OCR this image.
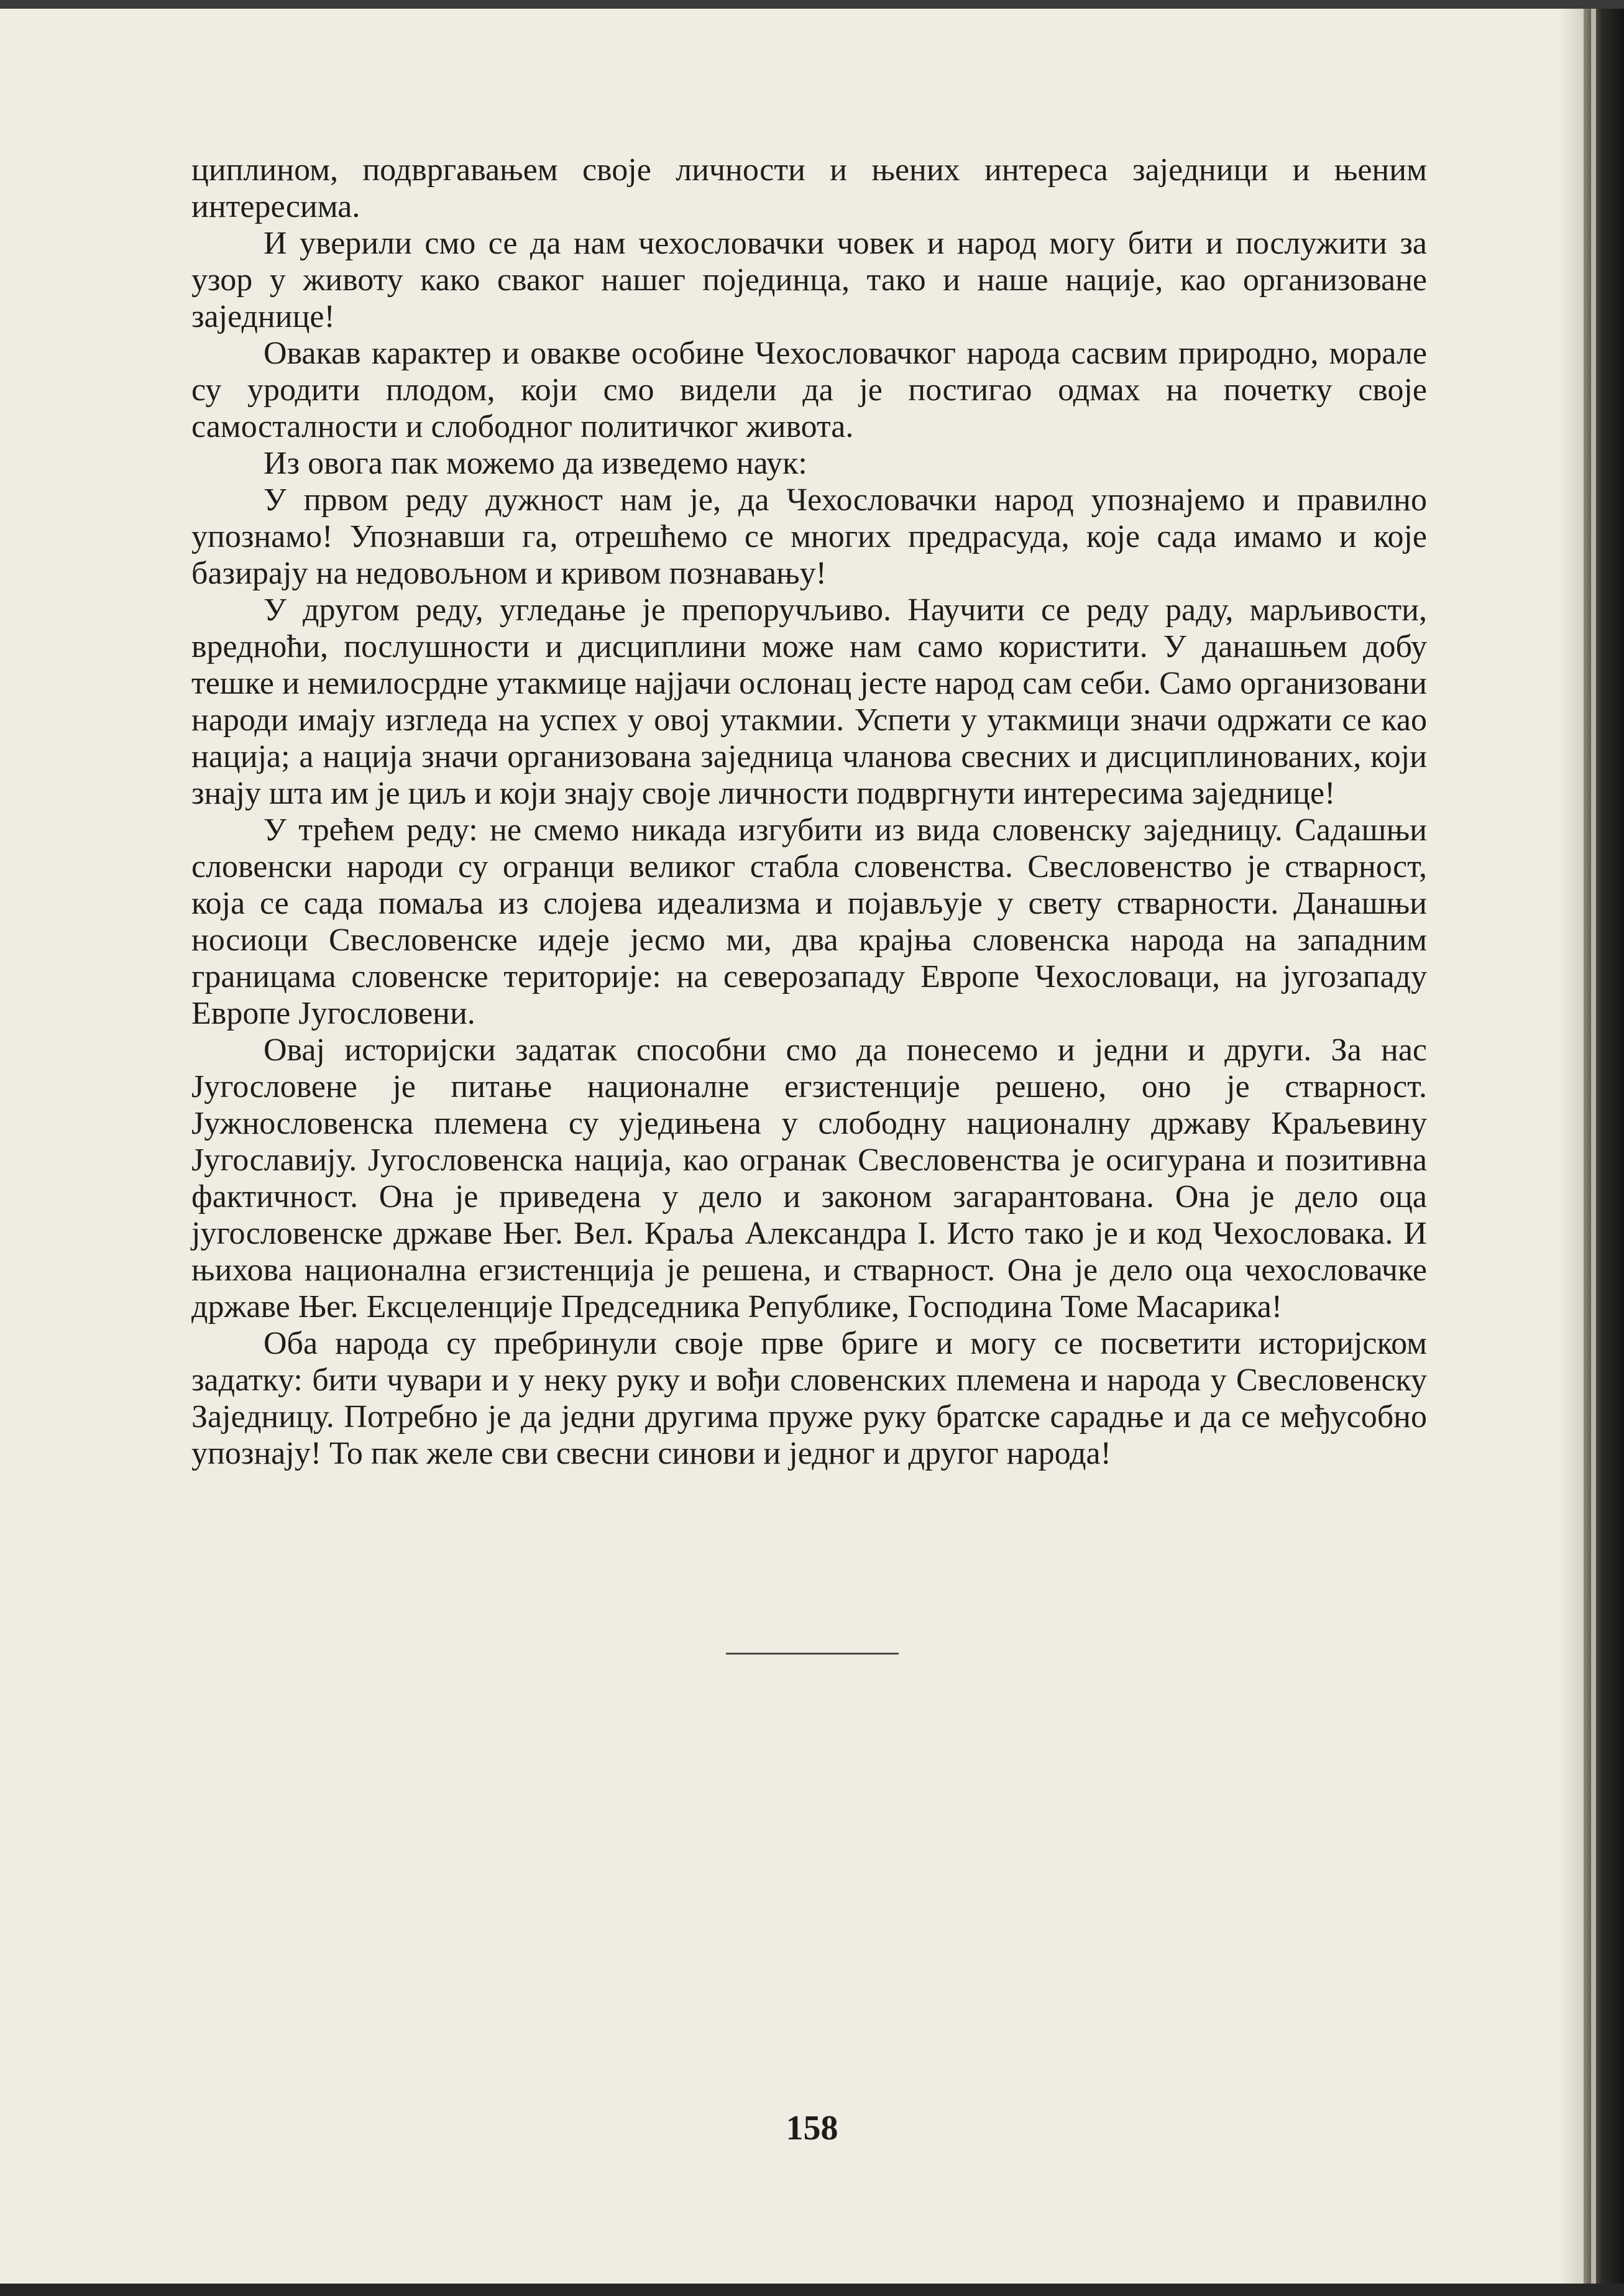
циплином, подвргавањем своје личности и њених интереса заједници и њеним интересима.

И уверили смо се да нам чехословачки човек и народ могу бити и послужити за узор у животу како сваког нашег појединца, тако и наше нације, као организоване заједнице!

Овакав карактер и овакве особине Чехословачког народа сасвим природно, морале су уродити плодом, који смо видели да је постигао одмах на почетку своје самосталности и слободног политичког живота.

Из овога пак можемо да изведемо наук:

У првом реду дужност нам је, да Чехословачки народ упознајемо и правилно упознамо! Упознавши га, отрешћемо се многих предрасуда, које сада имамо и које базирају на недовољном и кривом познавању!

У другом реду, угледање је препоручљиво. Научити се реду раду, марљивости, вредноћи, послушности и дисциплини може нам само користити. У данашњем добу тешке и немилосрдне утакмице најјачи ослонац јесте народ сам себи. Само организовани народи имају изгледа на успех у овој утакмии. Успети у утакмици значи одржати се као нација; а нација значи организована заједница чланова свесних и дисциплинованих, који знају шта им је циљ и који знају своје личности подвргнути интересима заједнице!

У трећем реду: не смемо никада изгубити из вида словенску заједницу. Садашњи словенски народи су огранци великог стабла словенства. Свесловенство је стварност, која се сада помаља из слојева идеализма и појављује у свету стварности. Данашњи носиоци Свесловенске идеје јесмо ми, два крајња словенска народа на западним границама словенске територије: на северозападу Европе Чехословаци, на југозападу Европе Југословени.

Овај историјски задатак способни смо да понесемо и једни и други. За нас Југословене је питање националне егзистенције решено, оно је стварност. Јужнословенска племена су уједињена у слободну националну државу Краљевину Југославију. Југословенска нација, као огранак Свесловенства је осигурана и позитивна фактичност. Она је приведена у дело и законом загарантована. Она је дело оца југословенске државе Њег. Вел. Краља Александра I. Исто тако је и код Чехословака. И њихова национална егзистенција је решена, и стварност. Она је дело оца чехословачке државе Њег. Ексцеленције Председника Републике, Господина Томе Масарика!

Оба народа су пребринули своје прве бриге и могу се посветити историјском задатку: бити чувари и у неку руку и вођи словенских племена и народа у Свесловенску Заједницу. Потребно је да једни другима пруже руку братске сарадње и да се међусобно упознају! То пак желе сви свесни синови и једног и другог народа!

158
